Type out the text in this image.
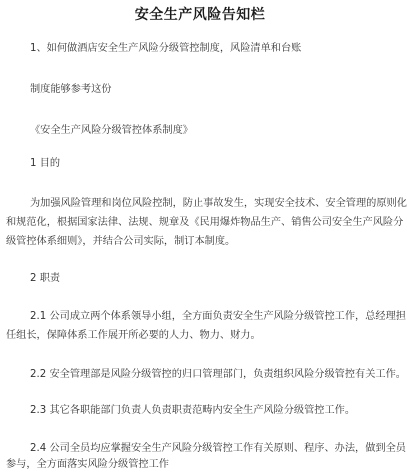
安全生产风险告知栏
1、如何做酒店安全生产风险分级管控制度，风险清单和台账
制度能够参考这份
《安全生产风险分级管控体系制度》
1 目的
为加强风险管理和岗位风险控制，防止事故发生，实现安全技术、安全管理的原则化
和规范化，根据国家法律、法规、规章及《民用爆炸物品生产、销售公司安全生产风险分
级管控体系细则》，并结合公司实际，制订本制度。
2 职责
2.1 公司成立两个体系领导小组，全方面负责安全生产风险分级管控工作，总经理担
任组长，保障体系工作展开所必要的人力、物力、财力。
2.2 安全管理部是风险分级管控的归口管理部门，负责组织风险分级管控有关工作。
2.3 其它各职能部门负责人负责职责范畴内安全生产风险分级管控工作。
2.4 公司全员均应掌握安全生产风险分级管控工作有关原则、程序、办法，做到全员
参与，全方面落实风险分级管控工作
